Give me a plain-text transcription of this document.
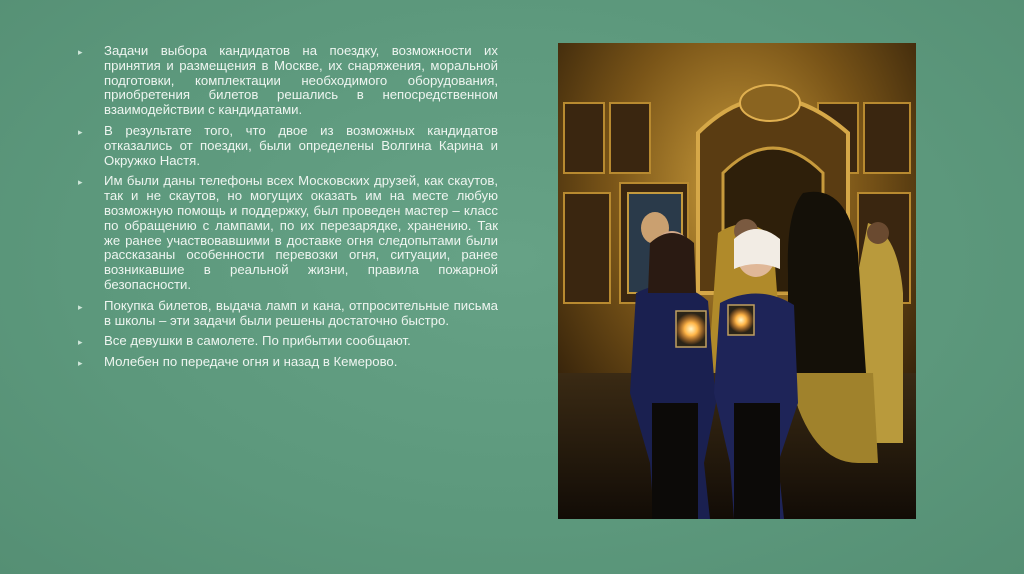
▸ Задачи выбора кандидатов на поездку, возможности их принятия и размещения в Москве, их снаряжения, моральной подготовки, комплектации необходимого оборудования, приобретения билетов решались в непосредственном взаимодействии с кандидатами.
▸ В результате того, что двое из возможных кандидатов отказались от поездки, были определены Волгина Карина и Окружко Настя.
▸ Им были даны телефоны всех Московских друзей, как скаутов, так и не скаутов, но могущих оказать им на месте любую возможную помощь и поддержку, был проведен мастер – класс по обращению с лампами, по их перезарядке, хранению. Так же ранее участвовавшими в доставке огня следопытами были рассказаны особенности перевозки огня, ситуации, ранее возникавшие в реальной жизни, правила пожарной безопасности.
▸ Покупка билетов, выдача ламп и кана, отпросительные письма в школы – эти задачи были решены достаточно быстро.
▸ Все девушки в самолете. По прибытии сообщают.
▸ Молебен по передаче огня и назад в Кемерово.
